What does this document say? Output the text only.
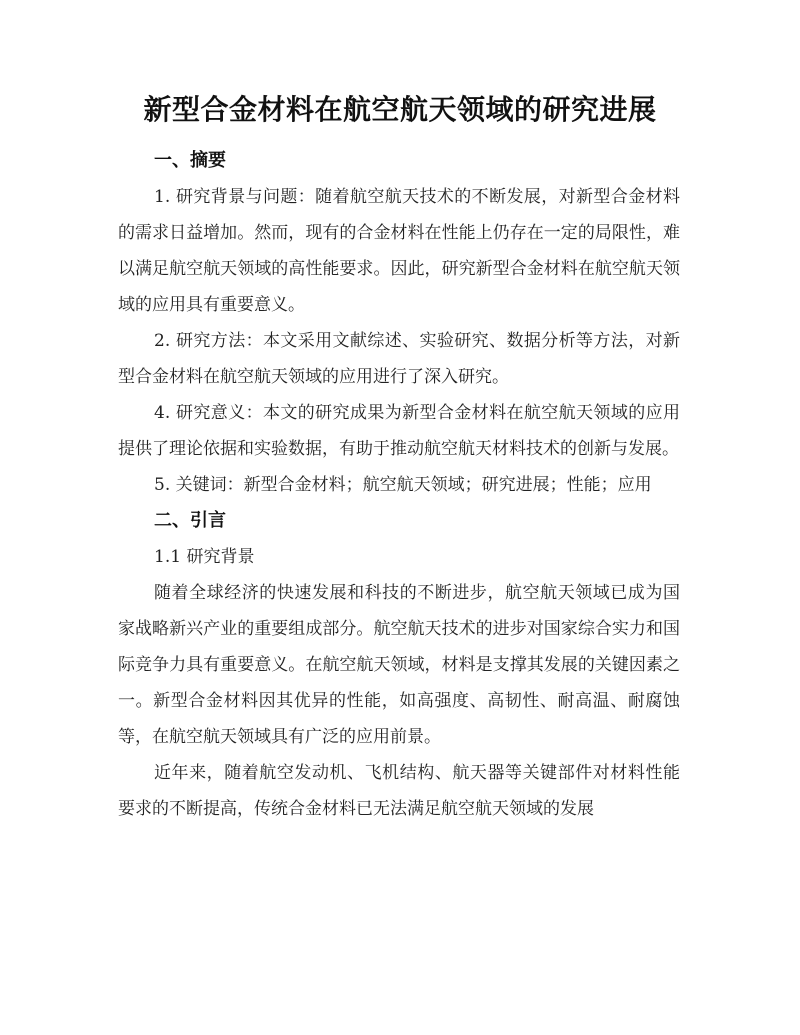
新型合金材料在航空航天领域的研究进展
一、摘要

1. 研究背景与问题：随着航空航天技术的不断发展，对新型合金材料的需求日益增加。然而，现有的合金材料在性能上仍存在一定的局限性，难以满足航空航天领域的高性能要求。因此，研究新型合金材料在航空航天领域的应用具有重要意义。

2. 研究方法：本文采用文献综述、实验研究、数据分析等方法，对新型合金材料在航空航天领域的应用进行了深入研究。

4. 研究意义：本文的研究成果为新型合金材料在航空航天领域的应用提供了理论依据和实验数据，有助于推动航空航天材料技术的创新与发展。

5. 关键词：新型合金材料；航空航天领域；研究进展；性能；应用

二、引言
1.1 研究背景

随着全球经济的快速发展和科技的不断进步，航空航天领域已成为国家战略新兴产业的重要组成部分。航空航天技术的进步对国家综合实力和国际竞争力具有重要意义。在航空航天领域，材料是支撑其发展的关键因素之一。新型合金材料因其优异的性能，如高强度、高韧性、耐高温、耐腐蚀等，在航空航天领域具有广泛的应用前景。

近年来，随着航空发动机、飞机结构、航天器等关键部件对材料性能要求的不断提高，传统合金材料已无法满足航空航天领域的发展
